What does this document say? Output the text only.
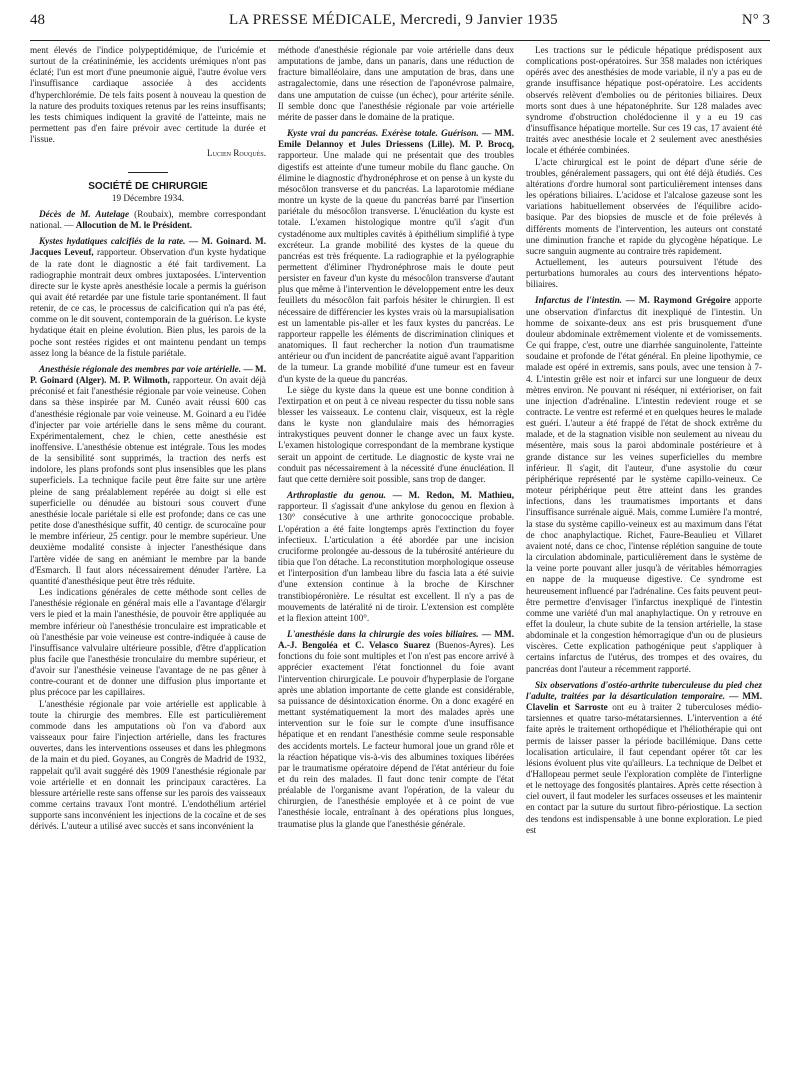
48	LA PRESSE MÉDICALE, Mercredi, 9 Janvier 1935	N° 3

ment élevés de l'indice polypeptidémique, de l'uricémie et surtout de la créatininémie, les accidents urémiques n'ont pas éclaté; l'un est mort d'une pneumonie aiguë, l'autre évolue vers l'insuffisance cardiaque associée à des accidents d'hyperchlorémie. De tels faits posent à nouveau la question de la nature des produits toxiques retenus par les reins insuffisants; les tests chimiques indiquent la gravité de l'atteinte, mais ne permettent pas d'en faire prévoir avec certitude la durée et l'issue.

Lucien Rouquès.
SOCIÉTÉ DE CHIRURGIE
19 Décembre 1934.

Décès de M. Autelage (Roubaix), membre correspondant national. — Allocution de M. le Président.

Kystes hydatiques calcifiés de la rate. — M. Goinard. M. Jacques Leveuf, rapporteur. Observation d'un kyste hydatique de la rate dont le diagnostic a été fait tardivement. La radiographie montrait deux ombres juxtaposées. L'intervention directe sur le kyste après anesthésie locale a permis la guérison qui avait été retardée par une fistule tarie spontanément. Il faut retenir, de ce cas, le processus de calcification qui n'a pas été, comme on le dit souvent, contemporain de la guérison. Le kyste hydatique était en pleine évolution. Bien plus, les parois de la poche sont restées rigides et ont maintenu pendant un temps assez long la béance de la fistule pariétale.

Anesthésie régionale des membres par voie artérielle. — M. P. Goinard (Alger). M. P. Wilmoth, rapporteur. On avait déjà préconisé et fait l'anesthésie régionale par voie veineuse. Cohen dans sa thèse inspirée par M. Cunéo avait réussi 600 cas d'anesthésie régionale par voie veineuse. M. Goinard a eu l'idée d'injecter par voie artérielle dans le sens même du courant. Expérimentalement, chez le chien, cette anesthésie est inoffensive. L'anesthésie obtenue est intégrale. Tous les modes de la sensibilité sont supprimés, la traction des nerfs est indolore, les plans profonds sont plus insensibles que les plans superficiels. La technique facile peut être faite sur une artère pleine de sang préalablement repérée au doigt si elle est superficielle ou dénudée au bistouri sous couvert d'une anesthésie locale pariétale si elle est profonde; dans ce cas une petite dose d'anesthésique suffit, 40 centigr. de scurocaïne pour le membre inférieur, 25 centigr. pour le membre supérieur. Une deuxième modalité consiste à injecter l'anesthésique dans l'artère vidée de sang en anémiant le membre par la bande d'Esmarch. Il faut alors nécessairement dénuder l'artère. La quantité d'anesthésique peut être très réduite.

Les indications générales de cette méthode sont celles de l'anesthésie régionale en général mais elle a l'avantage d'élargir vers le pied et la main l'anesthésie, de pouvoir être appliquée au membre inférieur où l'anesthésie tronculaire est impraticable et où l'anesthésie par voie veineuse est contre-indiquée à cause de l'insuffisance valvulaire ultérieure possible, d'être d'application plus facile que l'anesthésie tronculaire du membre supérieur, et d'avoir sur l'anesthésie veineuse l'avantage de ne pas gêner à contre-courant et de donner une diffusion plus importante et plus précoce par les capillaires.

L'anesthésie régionale par voie artérielle est applicable à toute la chirurgie des membres. Elle est particulièrement commode dans les amputations où l'on va d'abord aux vaisseaux pour faire l'injection artérielle, dans les fractures ouvertes, dans les interventions osseuses et dans les phlegmons de la main et du pied. Goyanes, au Congrès de Madrid de 1932, rappelait qu'il avait suggéré dès 1909 l'anesthésie régionale par voie artérielle et en donnait les principaux caractères. La blessure artérielle reste sans offense sur les parois des vaisseaux comme certains travaux l'ont montré. L'endothélium artériel supporte sans inconvénient les injections de la cocaïne et de ses dérivés. L'auteur a utilisé avec succès et sans inconvénient la

méthode d'anesthésie régionale par voie artérielle dans deux amputations de jambe, dans un panaris, dans une réduction de fracture bimalléolaire, dans une amputation de bras, dans une astragalectomie, dans une résection de l'aponévrose palmaire, dans une amputation de cuisse (un échec), pour artérite sénile. Il semble donc que l'anesthésie régionale par voie artérielle mérite de passer dans le domaine de la pratique.

Kyste vrai du pancréas. Exérèse totale. Guérison. — MM. Emile Delannoy et Jules Driessens (Lille). M. P. Brocq, rapporteur. Une malade qui ne présentait que des troubles digestifs est atteinte d'une tumeur mobile du flanc gauche. On élimine le diagnostic d'hydronéphrose et on pense à un kyste du mésocôlon transverse et du pancréas. La laparotomie médiane montre un kyste de la queue du pancréas barré par l'insertion pariétale du mésocôlon transverse. L'énucléation du kyste est totale. L'examen histologique montre qu'il s'agit d'un cystadénome aux multiples cavités à épithélium simplifié à type excréteur. La grande mobilité des kystes de la queue du pancréas est très fréquente. La radiographie et la pyélographie permettent d'éliminer l'hydronéphrose mais le doute peut persister en faveur d'un kyste du mésocôlon transverse d'autant plus que même à l'intervention le développement entre les deux feuillets du mésocôlon fait parfois hésiter le chirurgien. Il est nécessaire de différencier les kystes vrais où la marsupialisation est un lamentable pis-aller et les faux kystes du pancréas. Le rapporteur rappelle les éléments de discrimination cliniques et anatomiques. Il faut rechercher la notion d'un traumatisme antérieur ou d'un incident de pancréatite aiguë avant l'apparition de la tumeur. La grande mobilité d'une tumeur est en faveur d'un kyste de la queue du pancréas.

Le siège du kyste dans la queue est une bonne condition à l'extirpation et on peut à ce niveau respecter du tissu noble sans blesser les vaisseaux. Le contenu clair, visqueux, est la règle dans le kyste non glandulaire mais des hémorragies intrakystiques peuvent donner le change avec un faux kyste. L'examen histologique correspondant de la membrane kystique serait un appoint de certitude. Le diagnostic de kyste vrai ne conduit pas nécessairement à la nécessité d'une énucléation. Il faut que cette dernière soit possible, sans trop de danger.

Arthroplastie du genou. — M. Redon, M. Mathieu, rapporteur. Il s'agissait d'une ankylose du genou en flexion à 130° consécutive à une arthrite gonococcique probable. L'opération a été faite longtemps après l'extinction du foyer infectieux. L'articulation a été abordée par une incision cruciforme prolongée au-dessous de la tubérosité antérieure du tibia que l'on détache. La reconstitution morphologique osseuse et l'interposition d'un lambeau libre du fascia lata a été suivie d'une extension continue à la broche de Kirschner transtibiopéronière. Le résultat est excellent. Il n'y a pas de mouvements de latéralité ni de tiroir. L'extension est complète et la flexion atteint 100°.

L'anesthésie dans la chirurgie des voies biliaires. — MM. A.-J. Bengoléa et C. Velasco Suarez (Buenos-Ayres). Les fonctions du foie sont multiples et l'on n'est pas encore arrivé à apprécier exactement l'état fonctionnel du foie avant l'intervention chirurgicale. Le pouvoir d'hyperplasie de l'organe après une ablation importante de cette glande est considérable, sa puissance de désintoxication énorme. On a donc exagéré en mettant systématiquement la mort des malades après une intervention sur le foie sur le compte d'une insuffisance hépatique et en rendant l'anesthésie comme seule responsable des accidents mortels. Le facteur humoral joue un grand rôle et la réaction hépatique vis-à-vis des albumines toxiques libérées par le traumatisme opératoire dépend de l'état antérieur du foie et du rein des malades. Il faut donc tenir compte de l'état préalable de l'organisme avant l'opération, de la valeur du chirurgien, de l'anesthésie employée et à ce point de vue l'anesthésie locale, entraînant à des opérations plus longues, traumatise plus la glande que l'anesthésie générale.

Les tractions sur le pédicule hépatique prédisposent aux complications post-opératoires. Sur 358 malades non ictériques opérés avec des anesthésies de mode variable, il n'y a pas eu de grande insuffisance hépatique post-opératoire. Les accidents observés relèvent d'embolies ou de péritonies biliaires. Deux morts sont dues à une hépatonéphrite. Sur 128 malades avec syndrome d'obstruction cholédocienne il y a eu 19 cas d'insuffisance hépatique mortelle. Sur ces 19 cas, 17 avaient été traités avec anesthésie locale et 2 seulement avec anesthésies locale et éthérée combinées.

L'acte chirurgical est le point de départ d'une série de troubles, généralement passagers, qui ont été déjà étudiés. Ces altérations d'ordre humoral sont particulièrement intenses dans les opérations biliaires. L'acidose et l'alcalose gazeuse sont les variations habituellement observées de l'équilibre acido-basique. Par des biopsies de muscle et de foie prélevés à différents moments de l'intervention, les auteurs ont constaté une diminution franche et rapide du glycogène hépatique. Le sucre sanguin augmente au contraire très rapidement.

Actuellement, les auteurs poursuivent l'étude des perturbations humorales au cours des interventions hépato-biliaires.

Infarctus de l'intestin. — M. Raymond Grégoire apporte une observation d'infarctus dit inexpliqué de l'intestin. Un homme de soixante-deux ans est pris brusquement d'une douleur abdominale extrêmement violente et de vomissements. Ce qui frappe, c'est, outre une diarrhée sanguinolente, l'atteinte soudaine et profonde de l'état général. En pleine lipothymie, ce malade est opéré in extremis, sans pouls, avec une tension à 7-4. L'intestin grêle est noir et infarci sur une longueur de deux mètres environ. Ne pouvant ni réséquer, ni extérioriser, on fait une injection d'adrénaline. L'intestin redevient rouge et se contracte. Le ventre est refermé et en quelques heures le malade est guéri. L'auteur a été frappé de l'état de shock extrême du malade, et de la stagnation visible non seulement au niveau du mésentère, mais sous la paroi abdominale postérieure et à grande distance sur les veines superficielles du membre inférieur. Il s'agit, dit l'auteur, d'une asystolie du cœur périphérique représenté par le système capillo-veineux. Ce moteur périphérique peut être atteint dans les grandes infections, dans les traumatismes importants et dans l'insuffisance surrénale aiguë. Mais, comme Lumière l'a montré, la stase du système capillo-veineux est au maximum dans l'état de choc anaphylactique. Richet, Faure-Beaulieu et Villaret avaient noté, dans ce choc, l'intense réplétion sanguine de toute la circulation abdominale, particulièrement dans le système de la veine porte pouvant aller jusqu'à de véritables hémorragies en nappe de la muqueuse digestive. Ce syndrome est heureusement influencé par l'adrénaline. Ces faits peuvent peut-être permettre d'envisager l'infarctus inexpliqué de l'intestin comme une variété d'un mal anaphylactique. On y retrouve en effet la douleur, la chute subite de la tension artérielle, la stase abdominale et la congestion hémorragique d'un ou de plusieurs viscères. Cette explication pathogénique peut s'appliquer à certains infarctus de l'utérus, des trompes et des ovaires, du pancréas dont l'auteur a récemment rapporté.

Six observations d'ostéo-arthrite tuberculeuse du pied chez l'adulte, traitées par la désarticulation temporaire. — MM. Clavelin et Sarroste ont eu à traiter 2 tuberculoses médio-tarsiennes et quatre tarso-métatarsiennes. L'intervention a été faite après le traitement orthopédique et l'héliothérapie qui ont permis de laisser passer la période bacillémique. Dans cette localisation articulaire, il faut cependant opérer tôt car les lésions évoluent plus vite qu'ailleurs. La technique de Delbet et d'Hallopeau permet seule l'exploration complète de l'interligne et le nettoyage des fongosités plantaires. Après cette résection à ciel ouvert, il faut modeler les surfaces osseuses et les maintenir en contact par la suture du surtout fibro-périostique. La section des tendons est indispensable à une bonne exploration. Le pied est
